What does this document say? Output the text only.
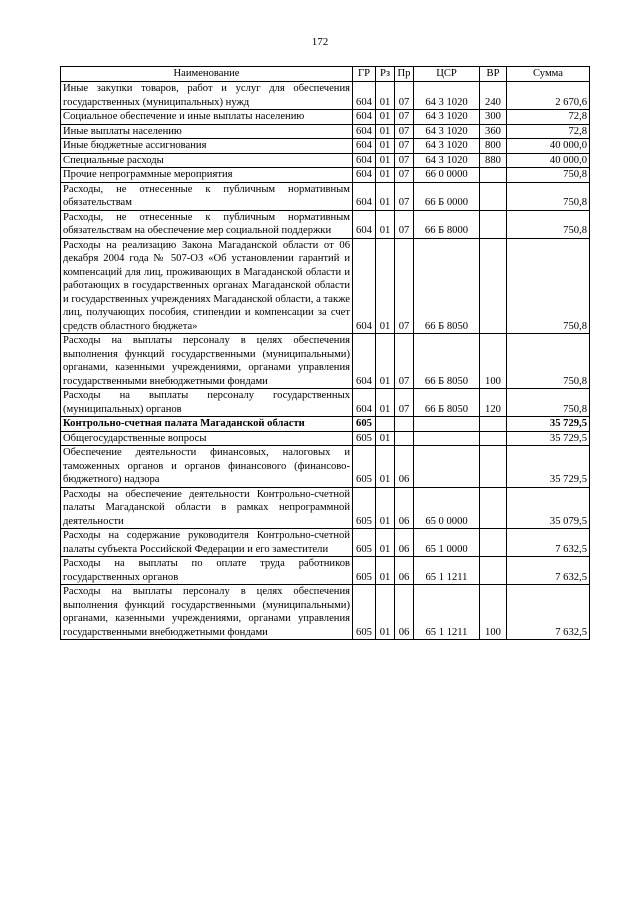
172
Наименование	ГР	Рз	Пр	ЦСР	ВР	Сумма
Иные закупки товаров, работ и услуг для обеспечения государственных (муниципальных) нужд	604	01	07	64 3 1020	240	2 670,6
Социальное обеспечение и иные выплаты населению	604	01	07	64 3 1020	300	72,8
Иные выплаты населению	604	01	07	64 3 1020	360	72,8
Иные бюджетные ассигнования	604	01	07	64 3 1020	800	40 000,0
Специальные расходы	604	01	07	64 3 1020	880	40 000,0
Прочие непрограммные мероприятия	604	01	07	66 0 0000		750,8
Расходы, не отнесенные к публичным нормативным обязательствам	604	01	07	66 Б 0000		750,8
Расходы, не отнесенные к публичным нормативным обязательствам на обеспечение мер социальной поддержки	604	01	07	66 Б 8000		750,8
Расходы на реализацию Закона Магаданской области от 06 декабря 2004 года № 507-ОЗ «Об установлении гарантий и компенсаций для лиц, проживающих в Магаданской области и работающих в государственных органах Магаданской области и государственных учреждениях Магаданской области, а также лиц, получающих пособия, стипендии и компенсации за счет средств областного бюджета»	604	01	07	66 Б 8050		750,8
Расходы на выплаты персоналу в целях обеспечения выполнения функций государственными (муниципальными) органами, казенными учреждениями, органами управления государственными внебюджетными фондами	604	01	07	66 Б 8050	100	750,8
Расходы на выплаты персоналу государственных (муниципальных) органов	604	01	07	66 Б 8050	120	750,8
Контрольно-счетная палата Магаданской области	605					35 729,5
Общегосударственные вопросы	605	01				35 729,5
Обеспечение деятельности финансовых, налоговых и таможенных органов и органов финансового (финансово-бюджетного) надзора	605	01	06			35 729,5
Расходы на обеспечение деятельности Контрольно-счетной палаты Магаданской области в рамках непрограммной деятельности	605	01	06	65 0 0000		35 079,5
Расходы на содержание руководителя Контрольно-счетной палаты субъекта Российской Федерации и его заместители	605	01	06	65 1 0000		7 632,5
Расходы на выплаты по оплате труда работников государственных органов	605	01	06	65 1 1211		7 632,5
Расходы на выплаты персоналу в целях обеспечения выполнения функций государственными (муниципальными) органами, казенными учреждениями, органами управления государственными внебюджетными фондами	605	01	06	65 1 1211	100	7 632,5
